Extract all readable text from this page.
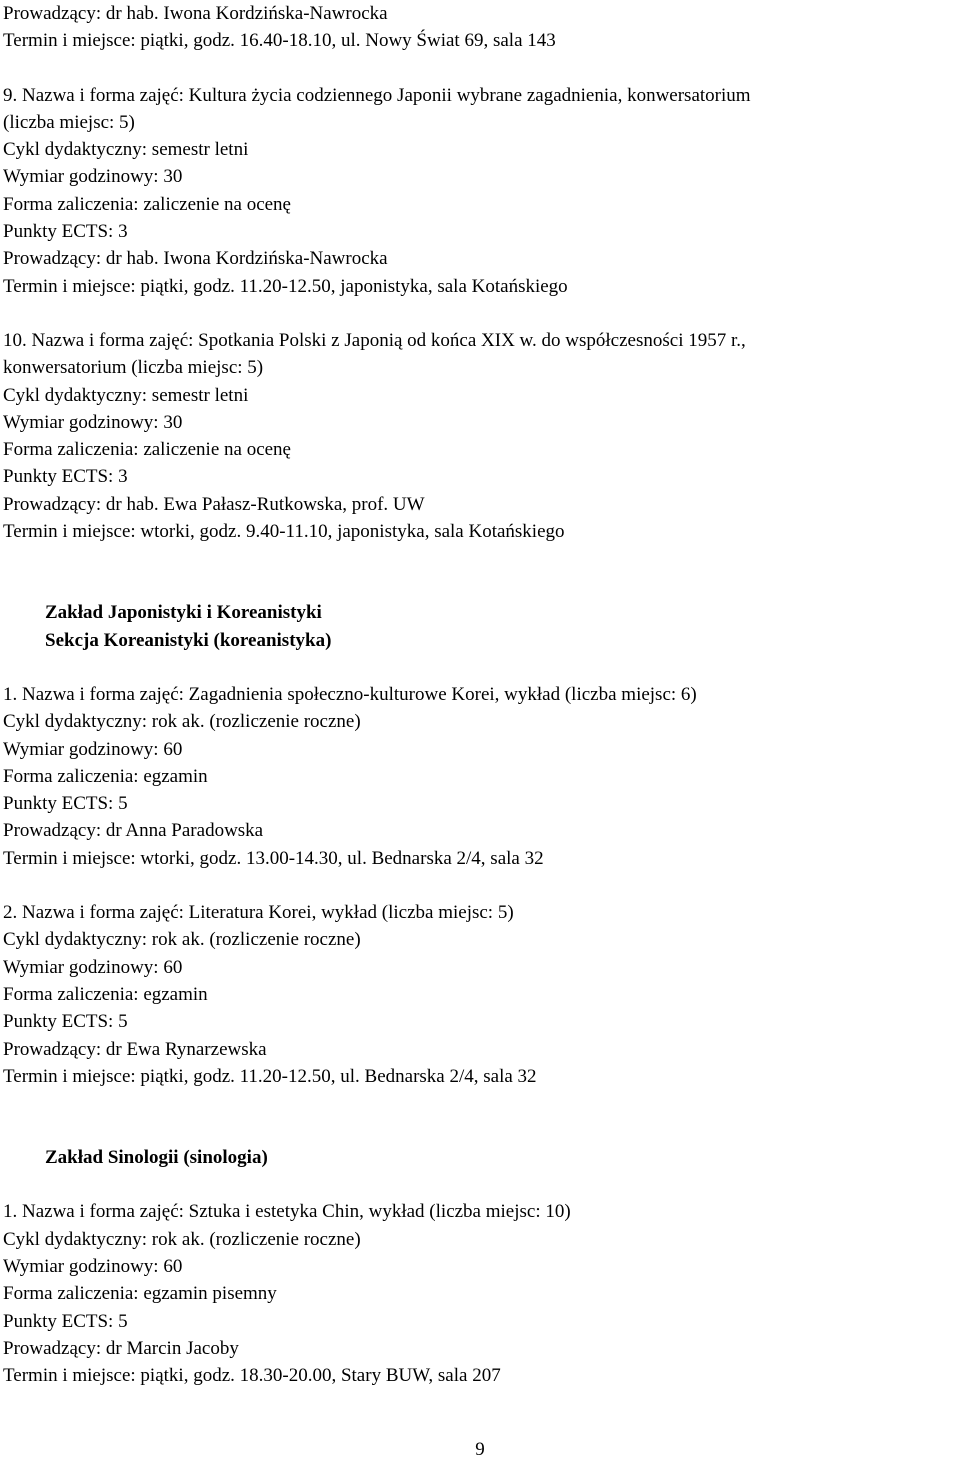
Prowadzący: dr hab. Iwona Kordzińska-Nawrocka
Termin i miejsce: piątki, godz. 16.40-18.10, ul. Nowy Świat 69, sala 143
9. Nazwa i forma zajęć: Kultura życia codziennego Japonii wybrane zagadnienia, konwersatorium
(liczba miejsc: 5)
Cykl dydaktyczny: semestr letni
Wymiar godzinowy: 30
Forma zaliczenia: zaliczenie na ocenę
Punkty ECTS: 3
Prowadzący: dr hab. Iwona Kordzińska-Nawrocka
Termin i miejsce: piątki, godz. 11.20-12.50, japonistyka, sala Kotańskiego
10. Nazwa i forma zajęć: Spotkania Polski z Japonią od końca XIX w. do współczesności 1957 r.,
konwersatorium (liczba miejsc: 5)
Cykl dydaktyczny: semestr letni
Wymiar godzinowy: 30
Forma zaliczenia: zaliczenie na ocenę
Punkty ECTS: 3
Prowadzący: dr hab. Ewa Pałasz-Rutkowska, prof. UW
Termin i miejsce: wtorki, godz. 9.40-11.10, japonistyka, sala Kotańskiego
Zakład Japonistyki i Koreanistyki
Sekcja Koreanistyki (koreanistyka)
1. Nazwa i forma zajęć: Zagadnienia społeczno-kulturowe Korei, wykład (liczba miejsc: 6)
Cykl dydaktyczny: rok ak. (rozliczenie roczne)
Wymiar godzinowy: 60
Forma zaliczenia: egzamin
Punkty ECTS: 5
Prowadzący: dr Anna Paradowska
Termin i miejsce: wtorki, godz. 13.00-14.30, ul. Bednarska 2/4, sala 32
2. Nazwa i forma zajęć: Literatura Korei, wykład (liczba miejsc: 5)
Cykl dydaktyczny: rok ak. (rozliczenie roczne)
Wymiar godzinowy: 60
Forma zaliczenia: egzamin
Punkty ECTS: 5
Prowadzący: dr Ewa Rynarzewska
Termin i miejsce: piątki, godz. 11.20-12.50, ul. Bednarska 2/4, sala 32
Zakład Sinologii (sinologia)
1. Nazwa i forma zajęć: Sztuka i estetyka Chin, wykład (liczba miejsc: 10)
Cykl dydaktyczny: rok ak. (rozliczenie roczne)
Wymiar godzinowy: 60
Forma zaliczenia: egzamin pisemny
Punkty ECTS: 5
Prowadzący: dr Marcin Jacoby
Termin i miejsce: piątki, godz. 18.30-20.00, Stary BUW, sala 207
9
